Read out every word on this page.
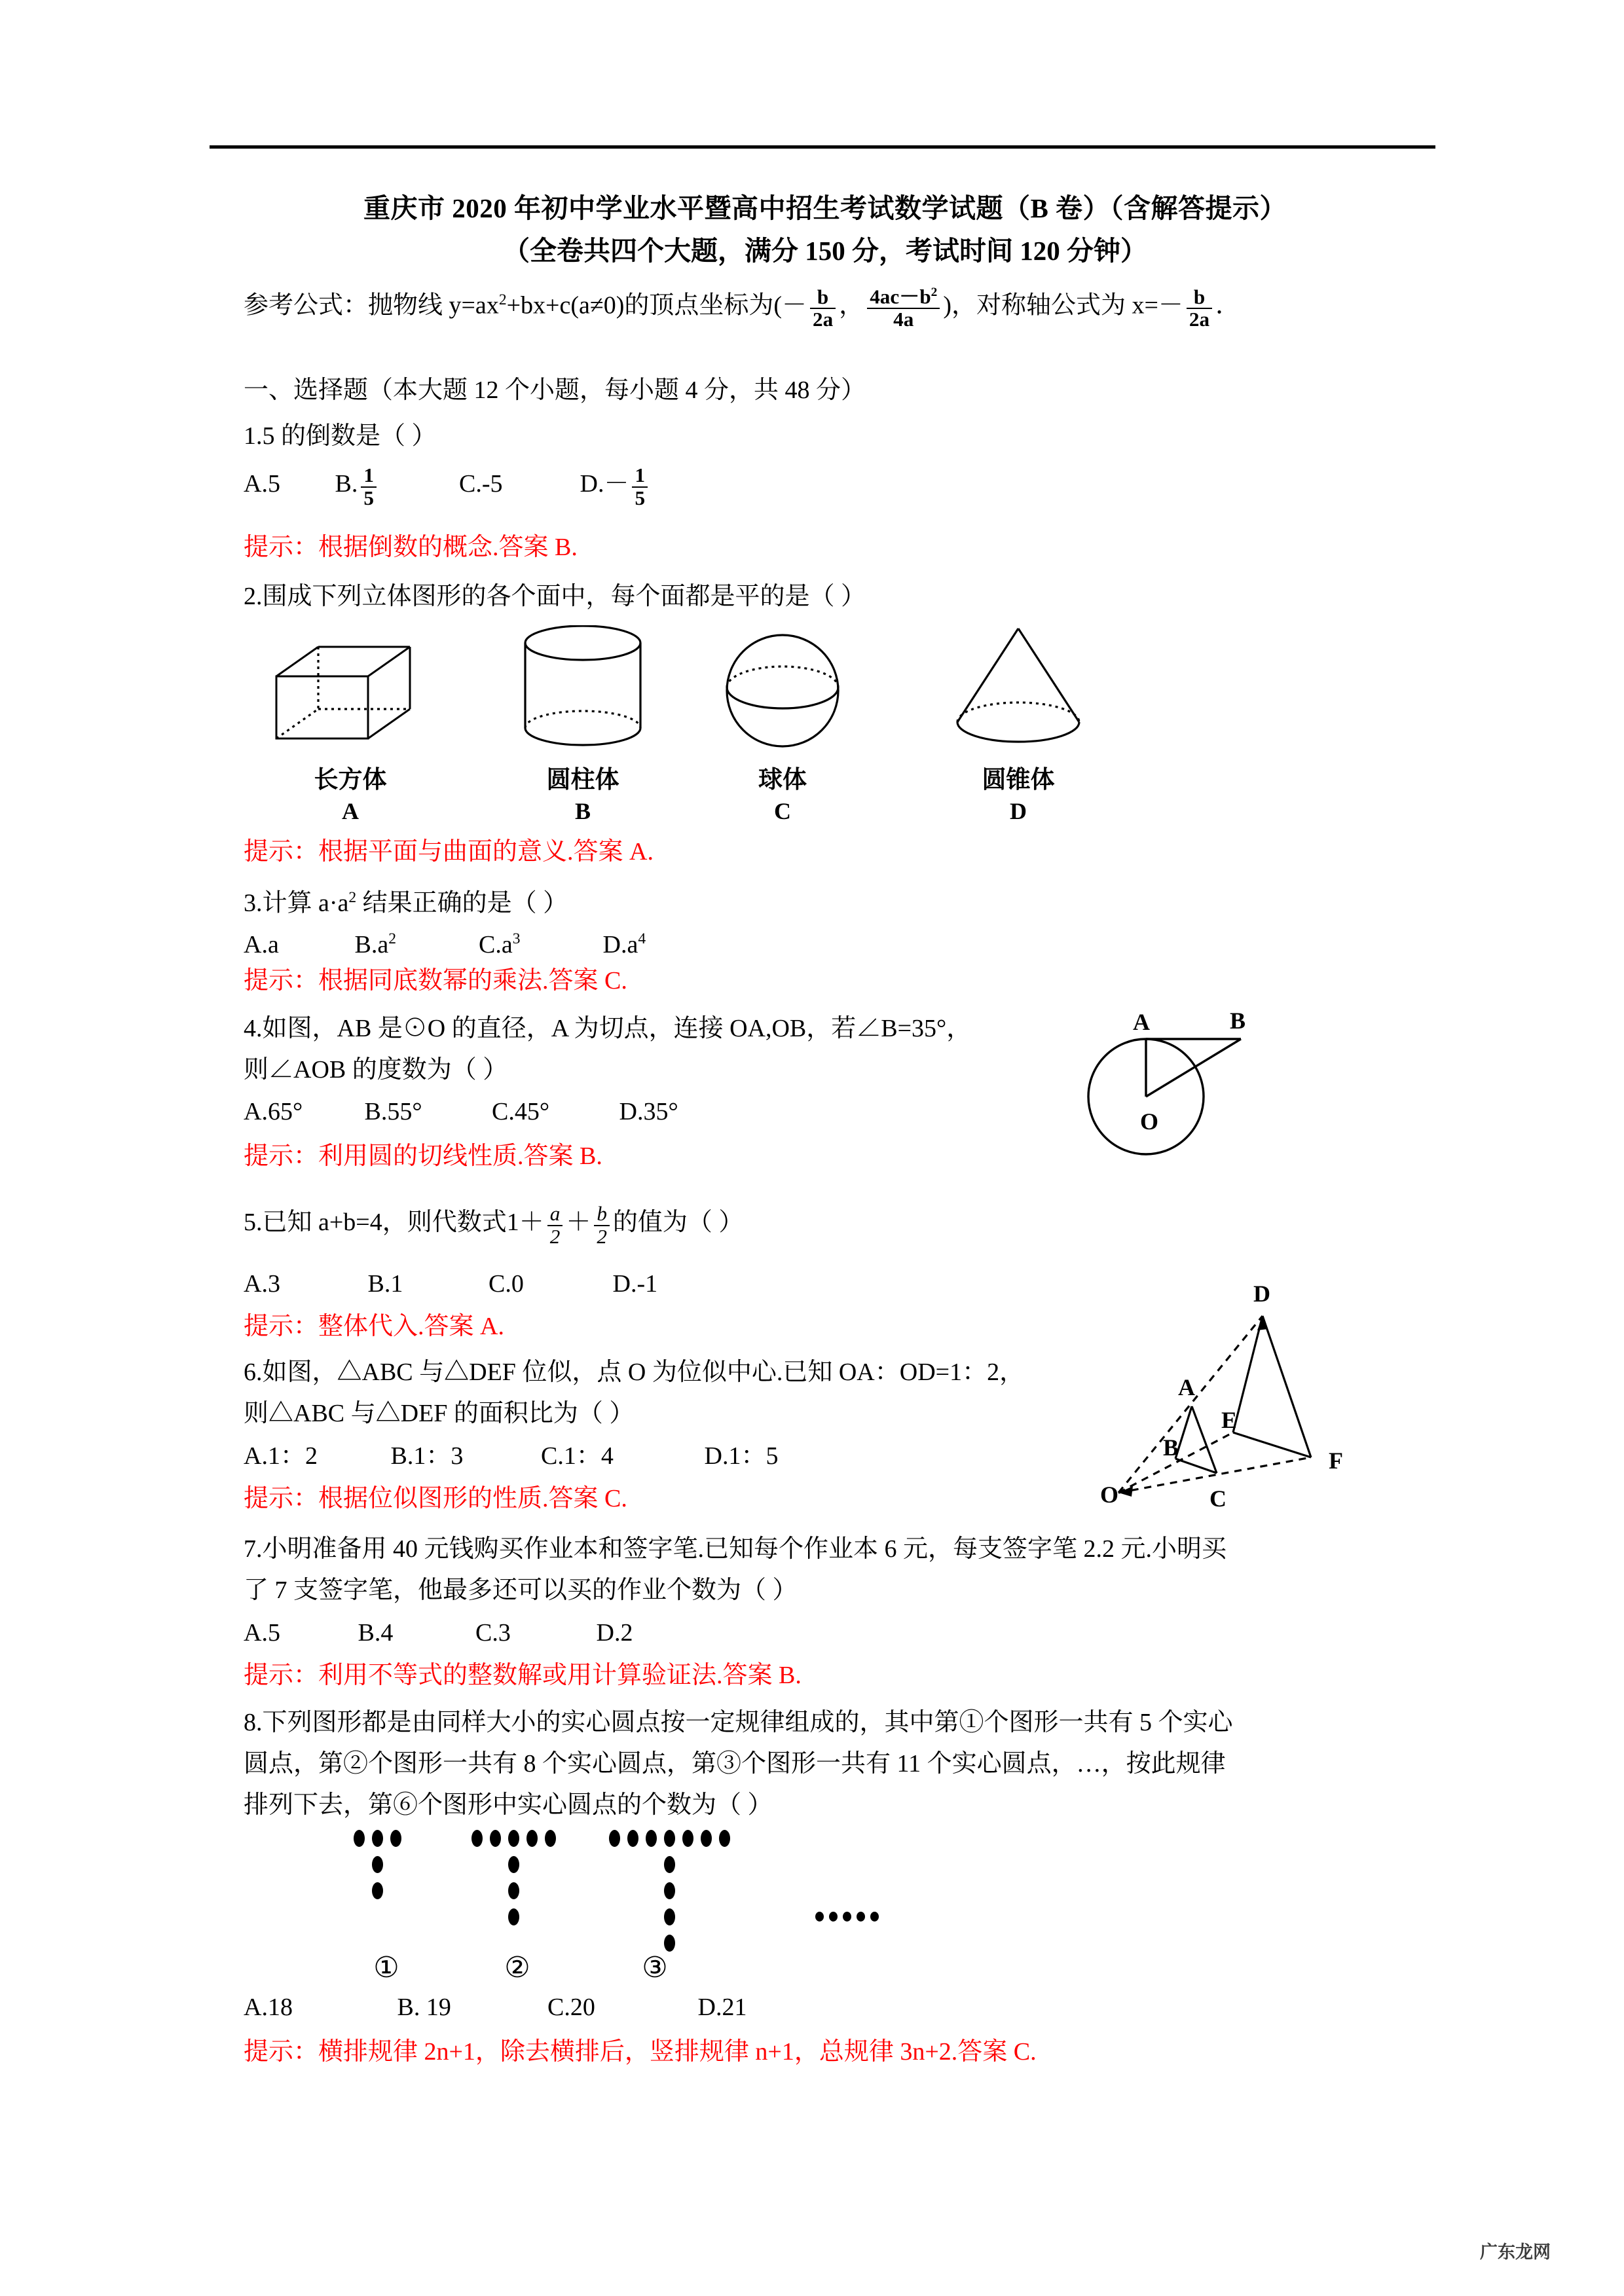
重庆市 2020 年初中学业水平暨高中招生考试数学试题（B 卷）（含解答提示）
（全卷共四个大题，满分 150 分，考试时间 120 分钟）
参考公式：抛物线 $y=ax^2+bx+c(a\ne 0)$的顶点坐标为(－ $\frac{b}{2a}$ ， $\frac{4ac-b^2}{4a}$ )，对称轴公式为 $x=- \frac{b}{2a}$ ．
一、选择题（本大题 12 个小题，每小题 4 分，共 48 分）
1.5 的倒数是（ ）
A.5 B. $\frac{1}{5}$	C.-5	$D.- \frac{1}{5}$
提示：根据倒数的概念.答案 B.
2.围成下列立体图形的各个面中，每个面都是平的是（ ）
长方体
A
圆柱体
B
球体
C
圆锥体
D
提示：根据平面与曲面的意义.答案 A.
3.计算 $a\cdot a^2$ 结果正确的是（ ）
A.a	$B.a^2$	$C.a^3$	$D.a^4$
提示：根据同底数幂的乘法.答案 C.
4.如图，AB 是⊙O 的直径，A 为切点，连接 OA,OB，若∠B=35°，
则∠AOB 的度数为（ ）
A.65° B.55°	C.45°	D.35°
提示：利用圆的切线性质.答案 B.
A	B
O
5.已知 a+b=4，则代数式$1+ \frac{a}{2} + \frac{b}{2}$ 的值为（ ）
A.3	B.1	C.0	D.-1
提示：整体代入.答案 A.
6.如图，△ABC 与△DEF 位似，点 O 为位似中心.已知 OA：OD=1：2，
则△ABC 与△DEF 的面积比为（ ）
A.1：2	B.1：3	C.1：4	D.1：5
提示：根据位似图形的性质.答案 C.
D
A
E
B	F
O	C
7.小明准备用 40 元钱购买作业本和签字笔.已知每个作业本 6 元，每支签字笔 2.2 元.小明买
了 7 支签字笔，他最多还可以买的作业个数为（ ）
A.5	B.4	C.3	D.2
提示：利用不等式的整数解或用计算验证法.答案 B.
8.下列图形都是由同样大小的实心圆点按一定规律组成的，其中第①个图形一共有 5 个实心
圆点，第②个图形一共有 8 个实心圆点，第③个图形一共有 11 个实心圆点，…，按此规律
排列下去，第⑥个图形中实心圆点的个数为（ ）
①	②	③
A.18	B. 19	C.20	D.21
提示：横排规律 2n+1，除去横排后，竖排规律 n+1，总规律 3n+2.答案 C.
广东龙网
